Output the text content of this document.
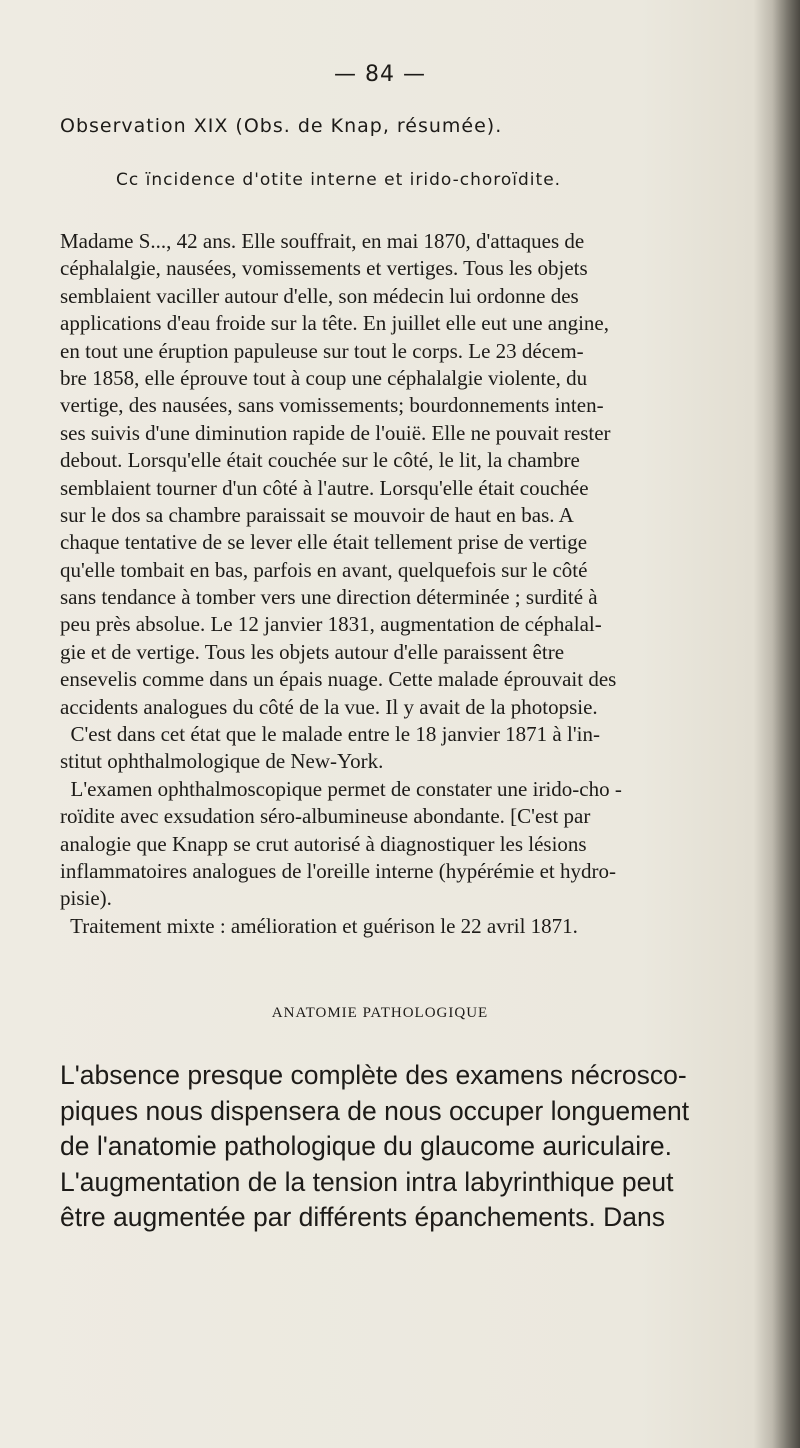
— 84 —
Observation XIX (Obs. de Knap, résumée).
Cc ïncidence d'otite interne et irido-choroïdite.
Madame S..., 42 ans. Elle souffrait, en mai 1870, d'attaques de
céphalalgie, nausées, vomissements et vertiges. Tous les objets
semblaient vaciller autour d'elle, son médecin lui ordonne des
applications d'eau froide sur la tête. En juillet elle eut une angine,
en tout une éruption papuleuse sur tout le corps. Le 23 décem-
bre 1858, elle éprouve tout à coup une céphalalgie violente, du
vertige, des nausées, sans vomissements; bourdonnements inten-
ses suivis d'une diminution rapide de l'ouië. Elle ne pouvait rester
debout. Lorsqu'elle était couchée sur le côté, le lit, la chambre
semblaient tourner d'un côté à l'autre. Lorsqu'elle était couchée
sur le dos sa chambre paraissait se mouvoir de haut en bas. A
chaque tentative de se lever elle était tellement prise de vertige
qu'elle tombait en bas, parfois en avant, quelquefois sur le côté
sans tendance à tomber vers une direction déterminée ; surdité à
peu près absolue. Le 12 janvier 1831, augmentation de céphalal-
gie et de vertige. Tous les objets autour d'elle paraissent être
ensevelis comme dans un épais nuage. Cette malade éprouvait des
accidents analogues du côté de la vue. Il y avait de la photopsie.
C'est dans cet état que le malade entre le 18 janvier 1871 à l'in-
stitut ophthalmologique de New-York.
L'examen ophthalmoscopique permet de constater une irido-cho -
roïdite avec exsudation séro-albumineuse abondante. [C'est par
analogie que Knapp se crut autorisé à diagnostiquer les lésions
inflammatoires analogues de l'oreille interne (hypérémie et hydro-
pisie).
Traitement mixte : amélioration et guérison le 22 avril 1871.
ANATOMIE PATHOLOGIQUE
L'absence presque complète des examens nécrosco-
piques nous dispensera de nous occuper longuement
de l'anatomie pathologique du glaucome auriculaire.
L'augmentation de la tension intra labyrinthique peut
être augmentée par différents épanchements. Dans
